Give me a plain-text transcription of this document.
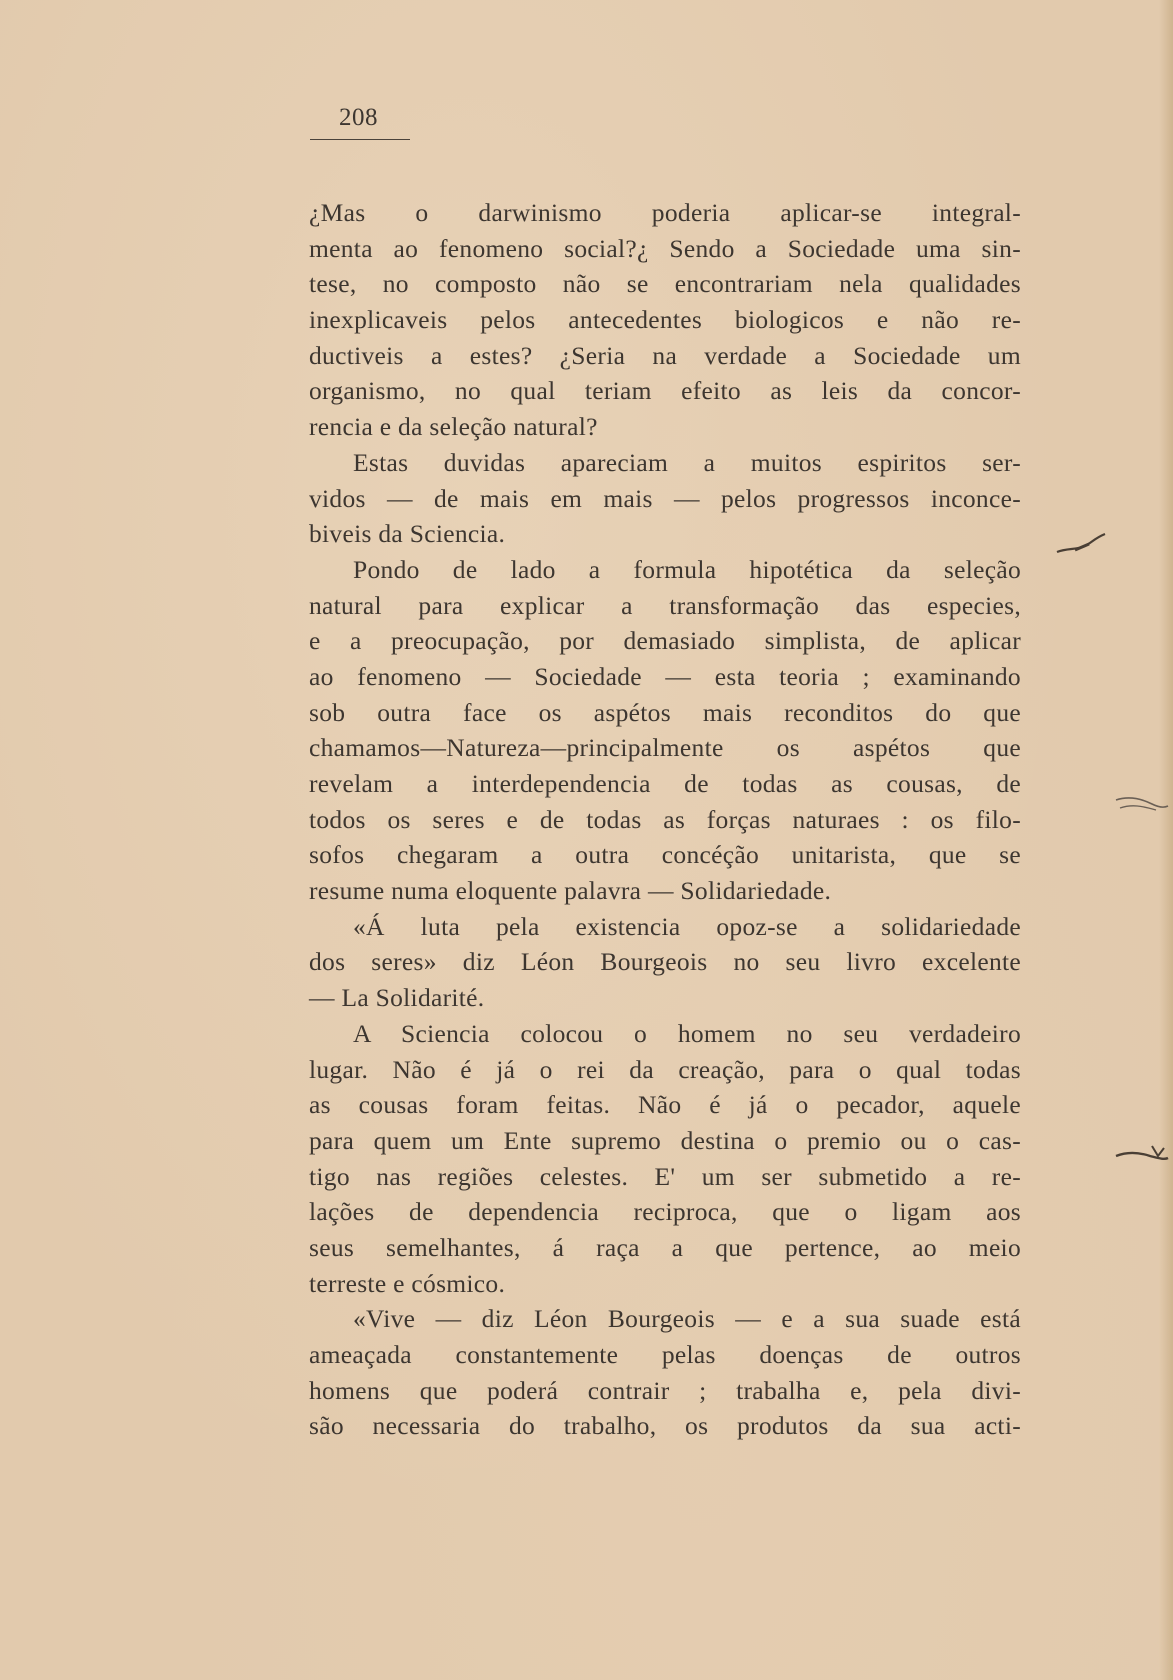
208
¿Mas o darwinismo poderia aplicar-se integral-
menta ao fenomeno social?¿ Sendo a Sociedade uma sin-
tese, no composto não se encontrariam nela qualidades
inexplicaveis pelos antecedentes biologicos e não re-
ductiveis a estes? ¿Seria na verdade a Sociedade um
organismo, no qual teriam efeito as leis da concor-
rencia e da seleção natural?
Estas duvidas apareciam a muitos espiritos ser-
vidos — de mais em mais — pelos progressos inconce-
biveis da Sciencia.
Pondo de lado a formula hipotética da seleção
natural para explicar a transformação das especies,
e a preocupação, por demasiado simplista, de aplicar
ao fenomeno — Sociedade — esta teoria ; examinando
sob outra face os aspétos mais reconditos do que
chamamos—Natureza—principalmente os aspétos que
revelam a interdependencia de todas as cousas, de
todos os seres e de todas as forças naturaes : os filo-
sofos chegaram a outra concéção unitarista, que se
resume numa eloquente palavra — Solidariedade.
«Á luta pela existencia opoz-se a solidariedade
dos seres» diz Léon Bourgeois no seu livro excelente
— La Solidarité.
A Sciencia colocou o homem no seu verdadeiro
lugar. Não é já o rei da creação, para o qual todas
as cousas foram feitas. Não é já o pecador, aquele
para quem um Ente supremo destina o premio ou o cas-
tigo nas regiões celestes. E' um ser submetido a re-
lações de dependencia reciproca, que o ligam aos
seus semelhantes, á raça a que pertence, ao meio
terreste e cósmico.
«Vive — diz Léon Bourgeois — e a sua suade está
ameaçada constantemente pelas doenças de outros
homens que poderá contrair ; trabalha e, pela divi-
são necessaria do trabalho, os produtos da sua acti-
